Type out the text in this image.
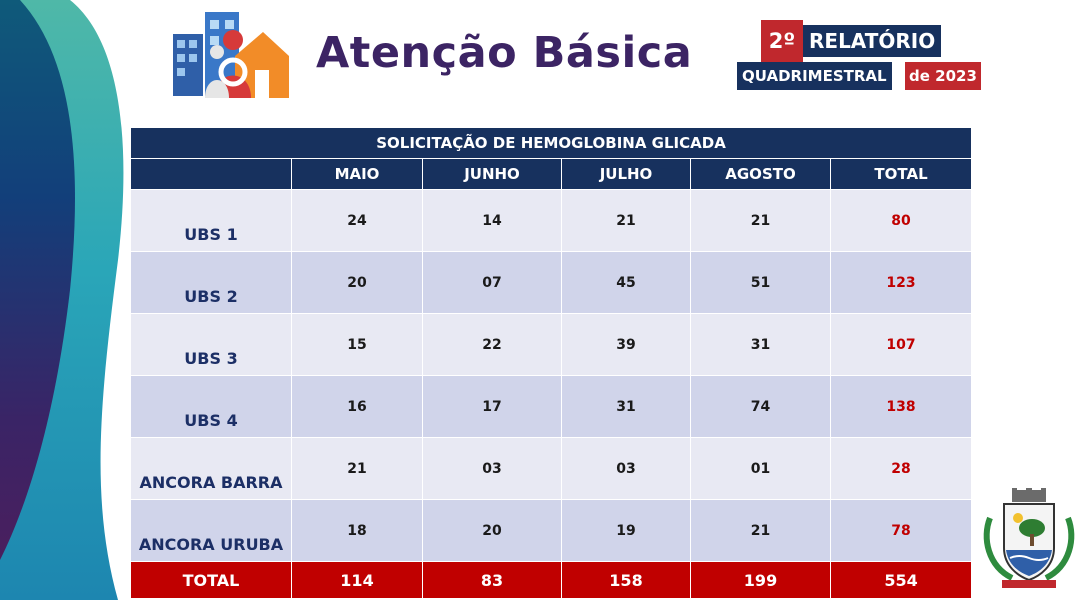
Atenção Básica	2º RELATÓRIO
QUADRIMESTRAL	de 2023
SOLICITAÇÃO DE HEMOGLOBINA GLICADA					
	MAIO	JUNHO	JULHO	AGOSTO	TOTAL
UBS 1	24	14	21	21	80
UBS 2	20	07	45	51	123
UBS 3	15	22	39	31	107
UBS 4	16	17	31	74	138
ANCORA BARRA	21	03	03	01	28
ANCORA URUBA	18	20	19	21	78
TOTAL	114	83	158	199	554
